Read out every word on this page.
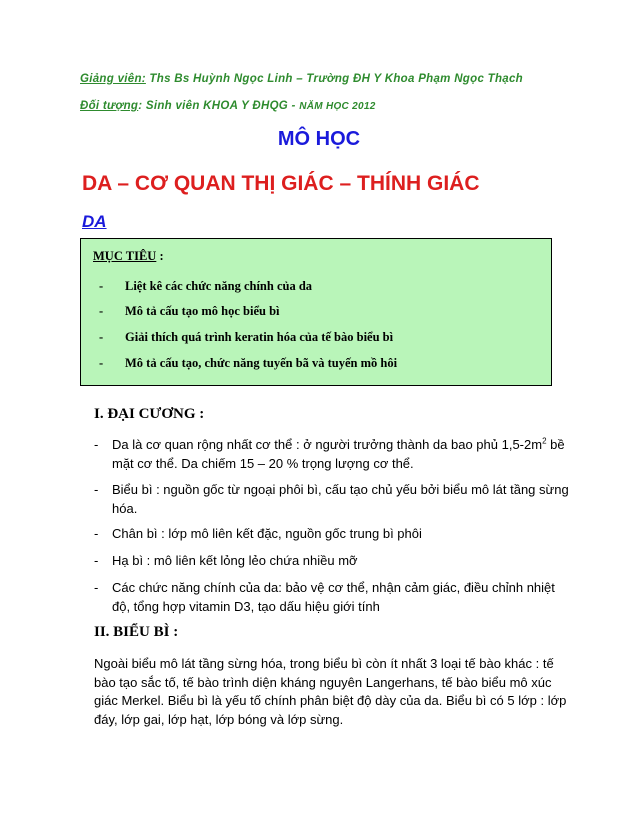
Giảng viên: Ths Bs Huỳnh Ngọc Linh – Trường ĐH Y Khoa Phạm Ngọc Thạch
Đối tượng: Sinh viên KHOA Y ĐHQG - NĂM HỌC 2012
MÔ HỌC
DA – CƠ QUAN THỊ GIÁC – THÍNH GIÁC
DA
MỤC TIÊU :
- Liệt kê các chức năng chính của da
- Mô tả cấu tạo mô học biểu bì
- Giải thích quá trình keratin hóa của tế bào biểu bì
- Mô tả cấu tạo, chức năng tuyến bã và tuyến mồ hôi
I. ĐẠI CƯƠNG :
- Da là cơ quan rộng nhất cơ thể : ở người trưởng thành da bao phủ $1,5-2m^2$ bề mặt cơ thể. Da chiếm 15 – 20 % trọng lượng cơ thể.
- Biểu bì : nguồn gốc từ ngoại phôi bì, cấu tạo chủ yếu bởi biểu mô lát tầng sừng hóa.
- Chân bì : lớp mô liên kết đặc, nguồn gốc trung bì phôi
- Hạ bì : mô liên kết lỏng lẻo chứa nhiều mỡ
- Các chức năng chính của da: bảo vệ cơ thể, nhận cảm giác, điều chỉnh nhiệt độ, tổng hợp vitamin D3, tạo dấu hiệu giới tính
II. BIỂU BÌ :
Ngoài biểu mô lát tầng sừng hóa, trong biểu bì còn ít nhất 3 loại tế bào khác : tế bào tạo sắc tố, tế bào trình diện kháng nguyên Langerhans, tế bào biểu mô xúc giác Merkel. Biểu bì là yếu tố chính phân biệt độ dày của da. Biểu bì có 5 lớp : lớp đáy, lớp gai, lớp hạt, lớp bóng và lớp sừng.
